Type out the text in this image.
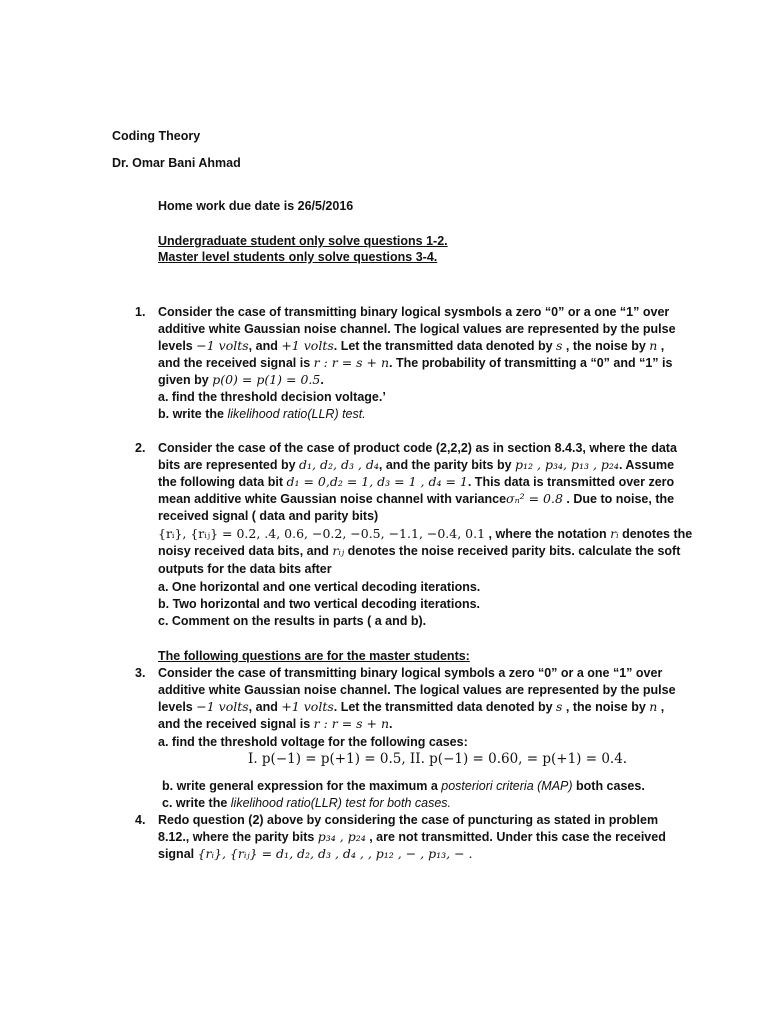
Coding Theory
Dr. Omar Bani Ahmad
Home work due date is 26/5/2016
Undergraduate student only solve questions 1-2.
Master level students only solve questions 3-4.
1. Consider the case of transmitting binary logical sysmbols a zero “0” or a one “1” over
additive white Gaussian noise channel. The logical values are represented by the pulse
levels −1 volts, and +1 volts. Let the transmitted data denoted by s , the noise by n ,
and the received signal is r : r = s + n. The probability of transmitting a “0” and “1” is
given by p(0) = p(1) = 0.5.
a. find the threshold decision voltage.’
b. write the likelihood ratio(LLR) test.
2. Consider the case of the case of product code (2,2,2) as in section 8.4.3, where the data
bits are represented by d₁, d₂, d₃ , d₄, and the parity bits by p₁₂ , p₃₄, p₁₃ , p₂₄. Assume
the following data bit d₁ = 0,d₂ = 1, d₃ = 1 , d₄ = 1. This data is transmitted over zero
mean additive white Gaussian noise channel with varianceσₙ² = 0.8 . Due to noise, the
received signal ( data and parity bits)
{rᵢ}, {rᵢⱼ} = 0.2, .4, 0.6, −0.2, −0.5, −1.1, −0.4, 0.1 , where the notation rᵢ denotes the
noisy received data bits, and rᵢⱼ denotes the noise received parity bits. calculate the soft
outputs for the data bits after
a. One horizontal and one vertical decoding iterations.
b. Two horizontal and two vertical decoding iterations.
c. Comment on the results in parts ( a and b).
The following questions are for the master students:
3. Consider the case of transmitting binary logical symbols a zero “0” or a one “1” over
additive white Gaussian noise channel. The logical values are represented by the pulse
levels −1 volts, and +1 volts. Let the transmitted data denoted by s , the noise by n ,
and the received signal is r : r = s + n.
a. find the threshold voltage for the following cases:
I. p(−1) = p(+1) = 0.5, II. p(−1) = 0.60, = p(+1) = 0.4.
b. write general expression for the maximum a posteriori criteria (MAP) both cases.
c. write the likelihood ratio(LLR) test for both cases.
4. Redo question (2) above by considering the case of puncturing as stated in problem
8.12., where the parity bits p₃₄ , p₂₄ , are not transmitted. Under this case the received
signal {rᵢ}, {rᵢⱼ} = d₁, d₂, d₃ , d₄ , , p₁₂ , − , p₁₃, − .
